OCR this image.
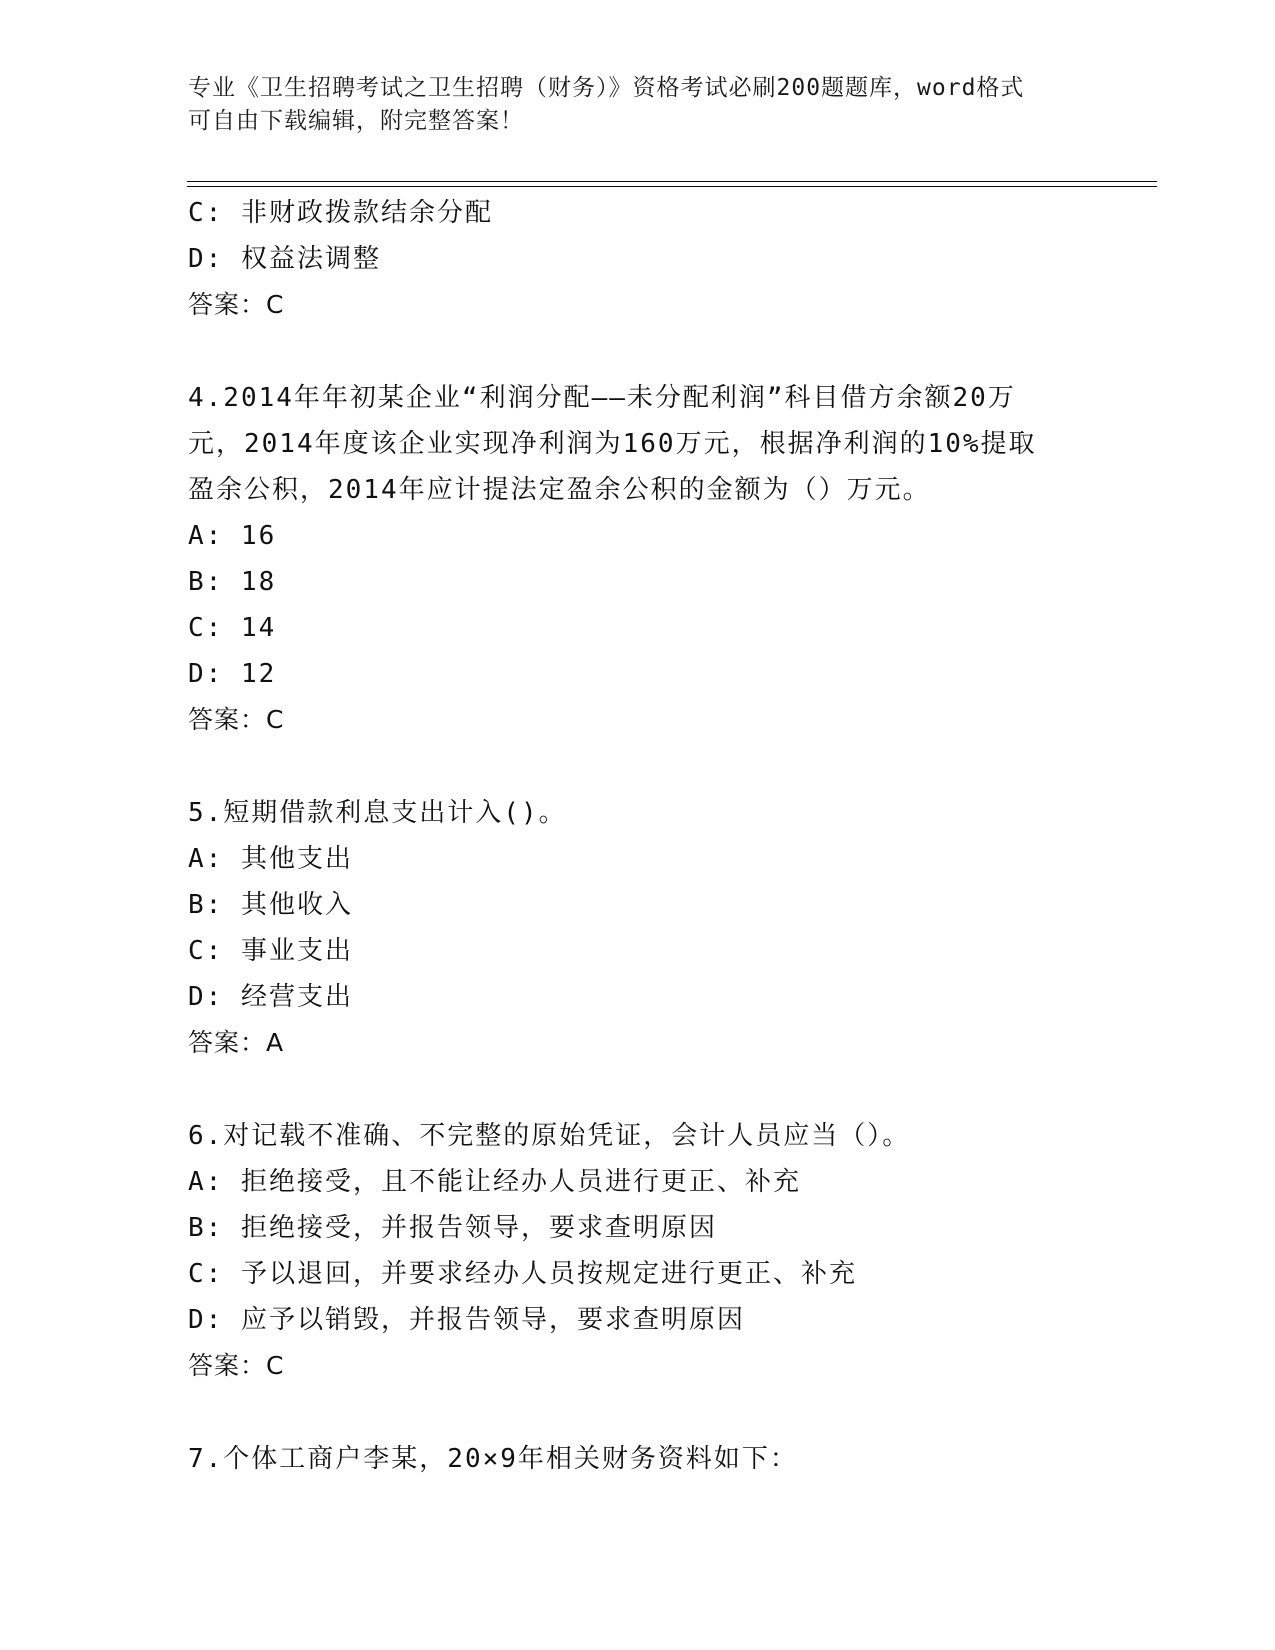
专业《卫生招聘考试之卫生招聘（财务）》资格考试必刷200题题库，word格式
可自由下载编辑，附完整答案！
C: 非财政拨款结余分配
D: 权益法调整
答案：C
4.2014年年初某企业“利润分配——未分配利润”科目借方余额20万
元，2014年度该企业实现净利润为160万元，根据净利润的10%提取
盈余公积，2014年应计提法定盈余公积的金额为（）万元。
A: 16
B: 18
C: 14
D: 12
答案：C
5.短期借款利息支出计入()。
A: 其他支出
B: 其他收入
C: 事业支出
D: 经营支出
答案：A
6.对记载不准确、不完整的原始凭证，会计人员应当（）。
A: 拒绝接受，且不能让经办人员进行更正、补充
B: 拒绝接受，并报告领导，要求查明原因
C: 予以退回，并要求经办人员按规定进行更正、补充
D: 应予以销毁，并报告领导，要求查明原因
答案：C
7.个体工商户李某，20×9年相关财务资料如下：
